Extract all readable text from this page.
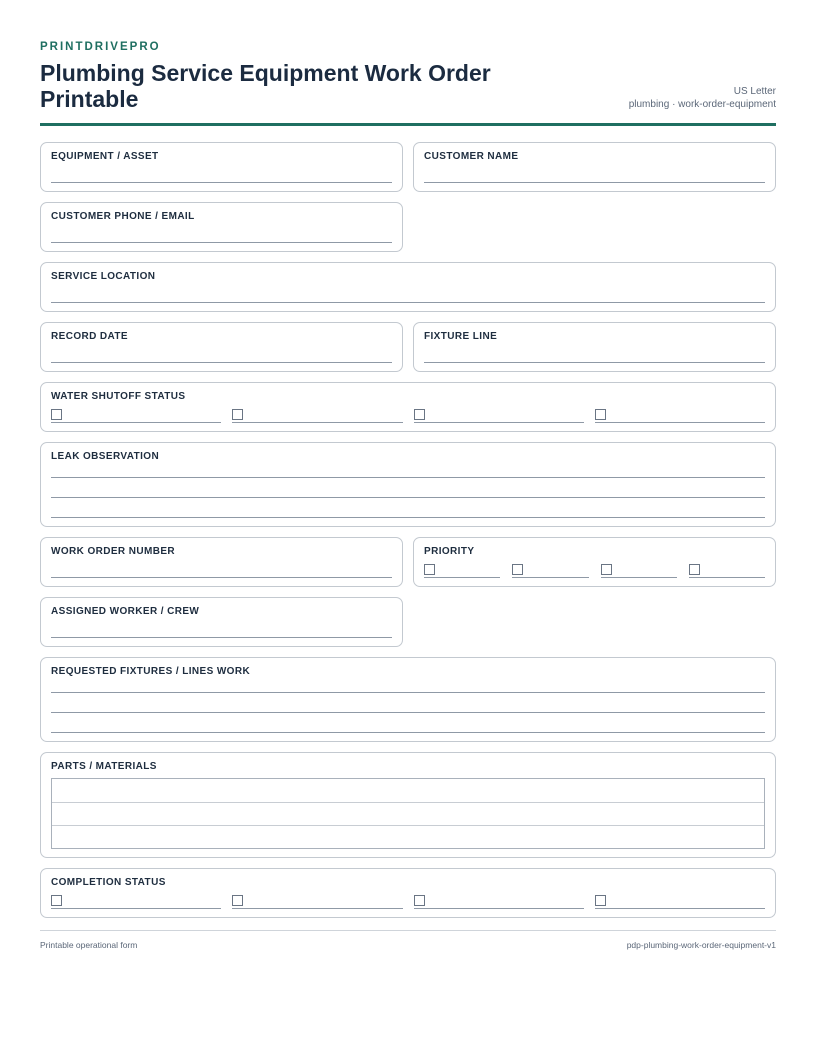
PRINTDRIVEPRO
Plumbing Service Equipment Work Order Printable	US Letter
plumbing · work-order-equipment
EQUIPMENT / ASSET	CUSTOMER NAME
CUSTOMER PHONE / EMAIL
SERVICE LOCATION
RECORD DATE	FIXTURE LINE
WATER SHUTOFF STATUS
LEAK OBSERVATION
WORK ORDER NUMBER	PRIORITY
ASSIGNED WORKER / CREW
REQUESTED FIXTURES / LINES WORK
PARTS / MATERIALS
COMPLETION STATUS
Printable operational form	pdp-plumbing-work-order-equipment-v1
